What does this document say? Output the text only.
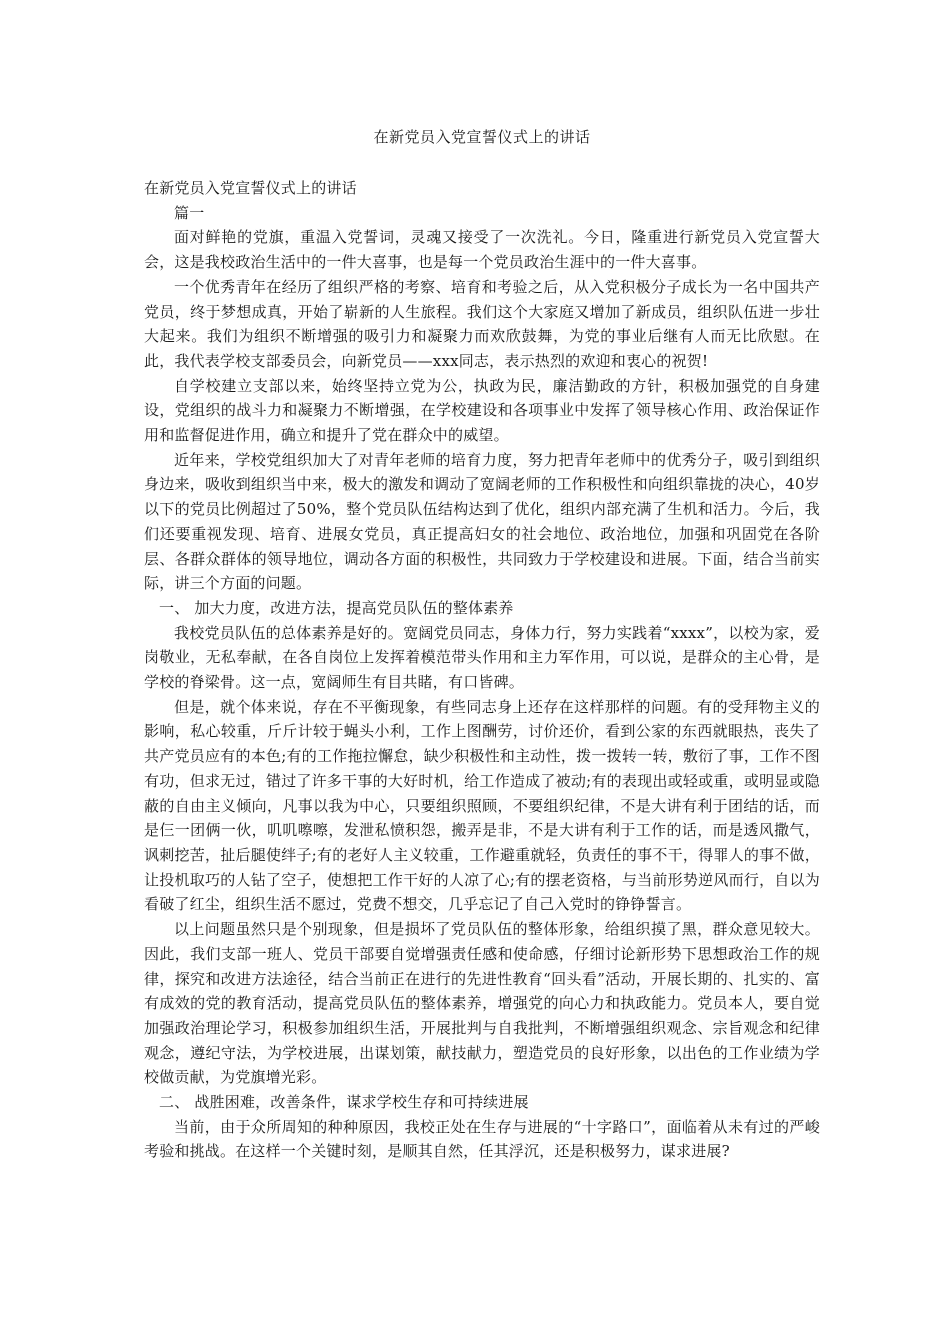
在新党员入党宣誓仪式上的讲话

在新党员入党宣誓仪式上的讲话

篇一

面对鲜艳的党旗，重温入党誓词，灵魂又接受了一次洗礼。今日，隆重进行新党员入党宣誓大会，这是我校政治生活中的一件大喜事，也是每一个党员政治生涯中的一件大喜事。

一个优秀青年在经历了组织严格的考察、培育和考验之后，从入党积极分子成长为一名中国共产党员，终于梦想成真，开始了崭新的人生旅程。我们这个大家庭又增加了新成员，组织队伍进一步壮大起来。我们为组织不断增强的吸引力和凝聚力而欢欣鼓舞，为党的事业后继有人而无比欣慰。在此，我代表学校支部委员会，向新党员——xxx同志，表示热烈的欢迎和衷心的祝贺!

自学校建立支部以来，始终坚持立党为公，执政为民，廉洁勤政的方针，积极加强党的自身建设，党组织的战斗力和凝聚力不断增强，在学校建设和各项事业中发挥了领导核心作用、政治保证作用和监督促进作用，确立和提升了党在群众中的威望。

近年来，学校党组织加大了对青年老师的培育力度，努力把青年老师中的优秀分子，吸引到组织身边来，吸收到组织当中来，极大的激发和调动了宽阔老师的工作积极性和向组织靠拢的决心，40岁以下的党员比例超过了50%，整个党员队伍结构达到了优化，组织内部充满了生机和活力。今后，我们还要重视发现、培育、进展女党员，真正提高妇女的社会地位、政治地位，加强和巩固党在各阶层、各群众群体的领导地位，调动各方面的积极性，共同致力于学校建设和进展。下面，结合当前实际，讲三个方面的问题。

一、 加大力度，改进方法，提高党员队伍的整体素养

我校党员队伍的总体素养是好的。宽阔党员同志，身体力行，努力实践着“xxxx”，以校为家，爱岗敬业，无私奉献，在各自岗位上发挥着模范带头作用和主力军作用，可以说，是群众的主心骨，是学校的脊梁骨。这一点，宽阔师生有目共睹，有口皆碑。

但是，就个体来说，存在不平衡现象，有些同志身上还存在这样那样的问题。有的受拜物主义的影响，私心较重，斤斤计较于蝇头小利，工作上图酬劳，讨价还价，看到公家的东西就眼热，丧失了共产党员应有的本色;有的工作拖拉懈怠，缺少积极性和主动性，拨一拨转一转，敷衍了事，工作不图有功，但求无过，错过了许多干事的大好时机，给工作造成了被动;有的表现出或轻或重，或明显或隐蔽的自由主义倾向，凡事以我为中心，只要组织照顾，不要组织纪律，不是大讲有利于团结的话，而是仨一团俩一伙，叽叽嚓嚓，发泄私愤积怨，搬弄是非，不是大讲有利于工作的话，而是透风撒气，讽刺挖苦，扯后腿使绊子;有的老好人主义较重，工作避重就轻，负责任的事不干，得罪人的事不做，让投机取巧的人钻了空子，使想把工作干好的人凉了心;有的摆老资格，与当前形势逆风而行，自以为看破了红尘，组织生活不愿过，党费不想交，几乎忘记了自己入党时的铮铮誓言。

以上问题虽然只是个别现象，但是损坏了党员队伍的整体形象，给组织摸了黑，群众意见较大。因此，我们支部一班人、党员干部要自觉增强责任感和使命感，仔细讨论新形势下思想政治工作的规律，探究和改进方法途径，结合当前正在进行的先进性教育“回头看”活动，开展长期的、扎实的、富有成效的党的教育活动，提高党员队伍的整体素养，增强党的向心力和执政能力。党员本人，要自觉加强政治理论学习，积极参加组织生活，开展批判与自我批判，不断增强组织观念、宗旨观念和纪律观念，遵纪守法，为学校进展，出谋划策，献技献力，塑造党员的良好形象，以出色的工作业绩为学校做贡献，为党旗增光彩。

二、 战胜困难，改善条件，谋求学校生存和可持续进展

当前，由于众所周知的种种原因，我校正处在生存与进展的“十字路口”，面临着从未有过的严峻考验和挑战。在这样一个关键时刻，是顺其自然，任其浮沉，还是积极努力，谋求进展?
